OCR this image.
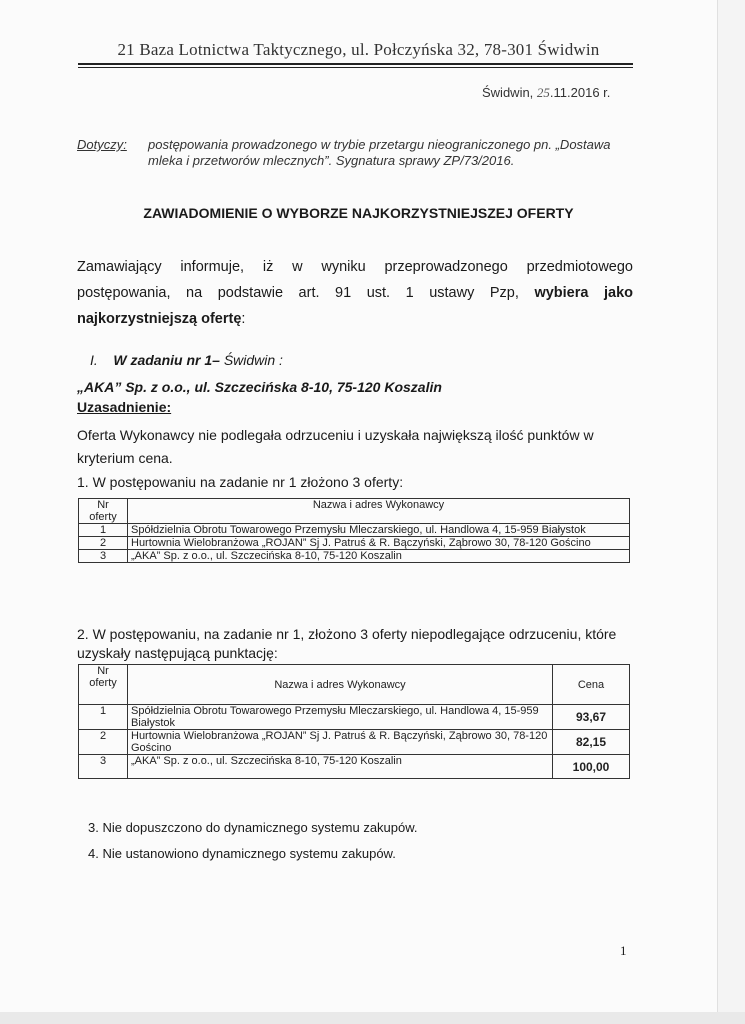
21 Baza Lotnictwa Taktycznego, ul. Połczyńska 32, 78-301 Świdwin
Świdwin, 25.11.2016 r.
Dotyczy: postępowania prowadzonego w trybie przetargu nieograniczonego pn. „Dostawa mleka i przetworów mlecznych”. Sygnatura sprawy ZP/73/2016.
ZAWIADOMIENIE O WYBORZE NAJKORZYSTNIEJSZEJ OFERTY
Zamawiający informuje, iż w wyniku przeprowadzonego przedmiotowego postępowania, na podstawie art. 91 ust. 1 ustawy Pzp, wybiera jako najkorzystniejszą ofertę:
I. W zadaniu nr 1– Świdwin :
„AKA” Sp. z o.o., ul. Szczecińska 8-10, 75-120 Koszalin
Uzasadnienie:
Oferta Wykonawcy nie podlegała odrzuceniu i uzyskała największą ilość punktów w kryterium cena.
1. W postępowaniu na zadanie nr 1 złożono 3 oferty:
Nr oferty	Nazwa i adres Wykonawcy
1	Spółdzielnia Obrotu Towarowego Przemysłu Mleczarskiego, ul. Handlowa 4, 15-959 Białystok
2	Hurtownia Wielobranżowa „ROJAN” Sj J. Patruś & R. Bączyński, Ząbrowo 30, 78-120 Gościno
3	„AKA” Sp. z o.o., ul. Szczecińska 8-10, 75-120 Koszalin
2. W postępowaniu, na zadanie nr 1, złożono 3 oferty niepodlegające odrzuceniu, które uzyskały następującą punktację:
Nr oferty	Nazwa i adres Wykonawcy	Cena
1	Spółdzielnia Obrotu Towarowego Przemysłu Mleczarskiego, ul. Handlowa 4, 15-959 Białystok	93,67
2	Hurtownia Wielobranżowa „ROJAN” Sj J. Patruś & R. Bączyński, Ząbrowo 30, 78-120 Gościno	82,15
3	„AKA” Sp. z o.o., ul. Szczecińska 8-10, 75-120 Koszalin	100,00
3. Nie dopuszczono do dynamicznego systemu zakupów.
4. Nie ustanowiono dynamicznego systemu zakupów.
1
